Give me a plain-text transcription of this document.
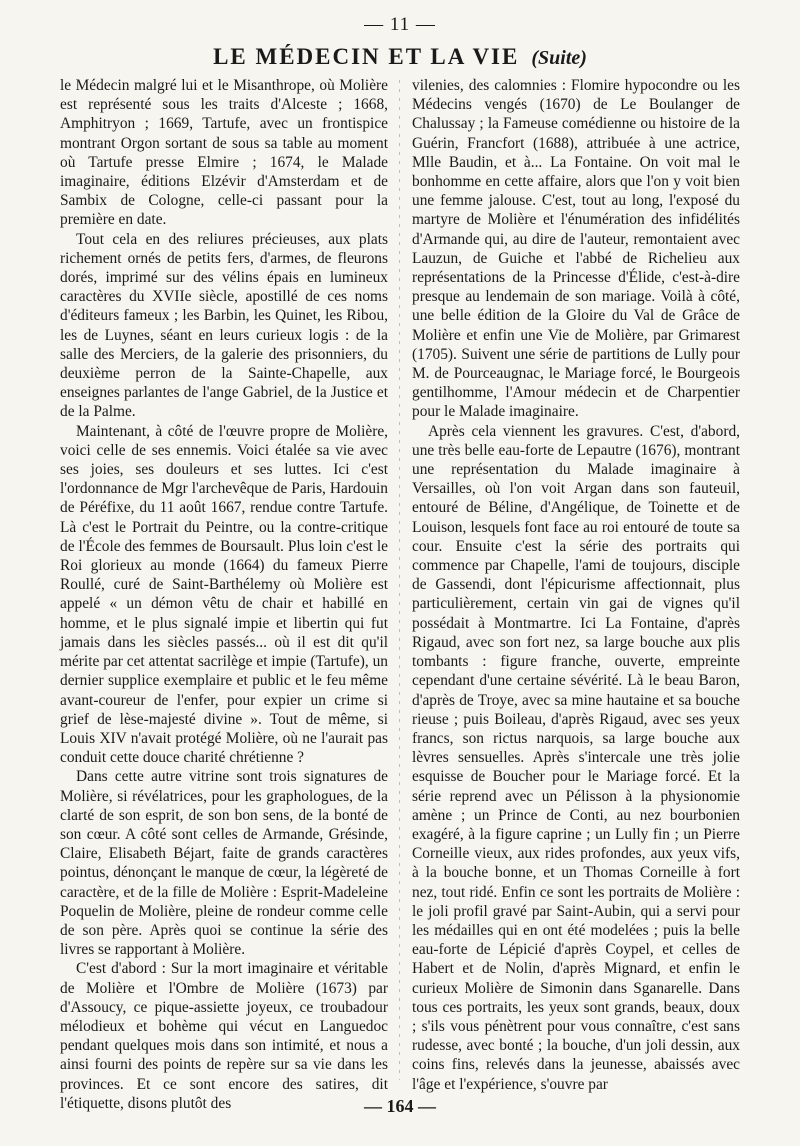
— 11 —
LE MÉDECIN ET LA VIE (Suite)

le Médecin malgré lui et le Misanthrope, où Molière est représenté sous les traits d'Alceste ; 1668, Amphitryon ; 1669, Tartufe, avec un frontispice montrant Orgon sortant de sous sa table au moment où Tartufe presse Elmire ; 1674, le Malade imaginaire, éditions Elzévir d'Amsterdam et de Sambix de Cologne, celle-ci passant pour la première en date.

Tout cela en des reliures précieuses, aux plats richement ornés de petits fers, d'armes, de fleurons dorés, imprimé sur des vélins épais en lumineux caractères du XVIIe siècle, apostillé de ces noms d'éditeurs fameux ; les Barbin, les Quinet, les Ribou, les de Luynes, séant en leurs curieux logis : de la salle des Merciers, de la galerie des prisonniers, du deuxième perron de la Sainte-Chapelle, aux enseignes parlantes de l'ange Gabriel, de la Justice et de la Palme.

Maintenant, à côté de l'œuvre propre de Molière, voici celle de ses ennemis. Voici étalée sa vie avec ses joies, ses douleurs et ses luttes. Ici c'est l'ordonnance de Mgr l'archevêque de Paris, Hardouin de Péréfixe, du 11 août 1667, rendue contre Tartufe. Là c'est le Portrait du Peintre, ou la contre-critique de l'École des femmes de Boursault. Plus loin c'est le Roi glorieux au monde (1664) du fameux Pierre Roullé, curé de Saint-Barthélemy où Molière est appelé « un démon vêtu de chair et habillé en homme, et le plus signalé impie et libertin qui fut jamais dans les siècles passés... où il est dit qu'il mérite par cet attentat sacrilège et impie (Tartufe), un dernier supplice exemplaire et public et le feu même avant-coureur de l'enfer, pour expier un crime si grief de lèse-majesté divine ». Tout de même, si Louis XIV n'avait protégé Molière, où ne l'aurait pas conduit cette douce charité chrétienne ?

Dans cette autre vitrine sont trois signatures de Molière, si révélatrices, pour les graphologues, de la clarté de son esprit, de son bon sens, de la bonté de son cœur. A côté sont celles de Armande, Grésinde, Claire, Elisabeth Béjart, faite de grands caractères pointus, dénonçant le manque de cœur, la légèreté de caractère, et de la fille de Molière : Esprit-Madeleine Poquelin de Molière, pleine de rondeur comme celle de son père. Après quoi se continue la série des livres se rapportant à Molière.

C'est d'abord : Sur la mort imaginaire et véritable de Molière et l'Ombre de Molière (1673) par d'Assoucy, ce pique-assiette joyeux, ce troubadour mélodieux et bohème qui vécut en Languedoc pendant quelques mois dans son intimité, et nous a ainsi fourni des points de repère sur sa vie dans les provinces. Et ce sont encore des satires, dit l'étiquette, disons plutôt des

vilenies, des calomnies : Flomire hypocondre ou les Médecins vengés (1670) de Le Boulanger de Chalussay ; la Fameuse comédienne ou histoire de la Guérin, Francfort (1688), attribuée à une actrice, Mlle Baudin, et à... La Fontaine. On voit mal le bonhomme en cette affaire, alors que l'on y voit bien une femme jalouse. C'est, tout au long, l'exposé du martyre de Molière et l'énumération des infidélités d'Armande qui, au dire de l'auteur, remontaient avec Lauzun, de Guiche et l'abbé de Richelieu aux représentations de la Princesse d'Élide, c'est-à-dire presque au lendemain de son mariage. Voilà à côté, une belle édition de la Gloire du Val de Grâce de Molière et enfin une Vie de Molière, par Grimarest (1705). Suivent une série de partitions de Lully pour M. de Pourceaugnac, le Mariage forcé, le Bourgeois gentilhomme, l'Amour médecin et de Charpentier pour le Malade imaginaire.

Après cela viennent les gravures. C'est, d'abord, une très belle eau-forte de Lepautre (1676), montrant une représentation du Malade imaginaire à Versailles, où l'on voit Argan dans son fauteuil, entouré de Béline, d'Angélique, de Toinette et de Louison, lesquels font face au roi entouré de toute sa cour. Ensuite c'est la série des portraits qui commence par Chapelle, l'ami de toujours, disciple de Gassendi, dont l'épicurisme affectionnait, plus particulièrement, certain vin gai de vignes qu'il possédait à Montmartre. Ici La Fontaine, d'après Rigaud, avec son fort nez, sa large bouche aux plis tombants : figure franche, ouverte, empreinte cependant d'une certaine sévérité. Là le beau Baron, d'après de Troye, avec sa mine hautaine et sa bouche rieuse ; puis Boileau, d'après Rigaud, avec ses yeux francs, son rictus narquois, sa large bouche aux lèvres sensuelles. Après s'intercale une très jolie esquisse de Boucher pour le Mariage forcé. Et la série reprend avec un Pélisson à la physionomie amène ; un Prince de Conti, au nez bourbonien exagéré, à la figure caprine ; un Lully fin ; un Pierre Corneille vieux, aux rides profondes, aux yeux vifs, à la bouche bonne, et un Thomas Corneille à fort nez, tout ridé. Enfin ce sont les portraits de Molière : le joli profil gravé par Saint-Aubin, qui a servi pour les médailles qui en ont été modelées ; puis la belle eau-forte de Lépicié d'après Coypel, et celles de Habert et de Nolin, d'après Mignard, et enfin le curieux Molière de Simonin dans Sganarelle. Dans tous ces portraits, les yeux sont grands, beaux, doux ; s'ils vous pénètrent pour vous connaître, c'est sans rudesse, avec bonté ; la bouche, d'un joli dessin, aux coins fins, relevés dans la jeunesse, abaissés avec l'âge et l'expérience, s'ouvre par

— 164 —
